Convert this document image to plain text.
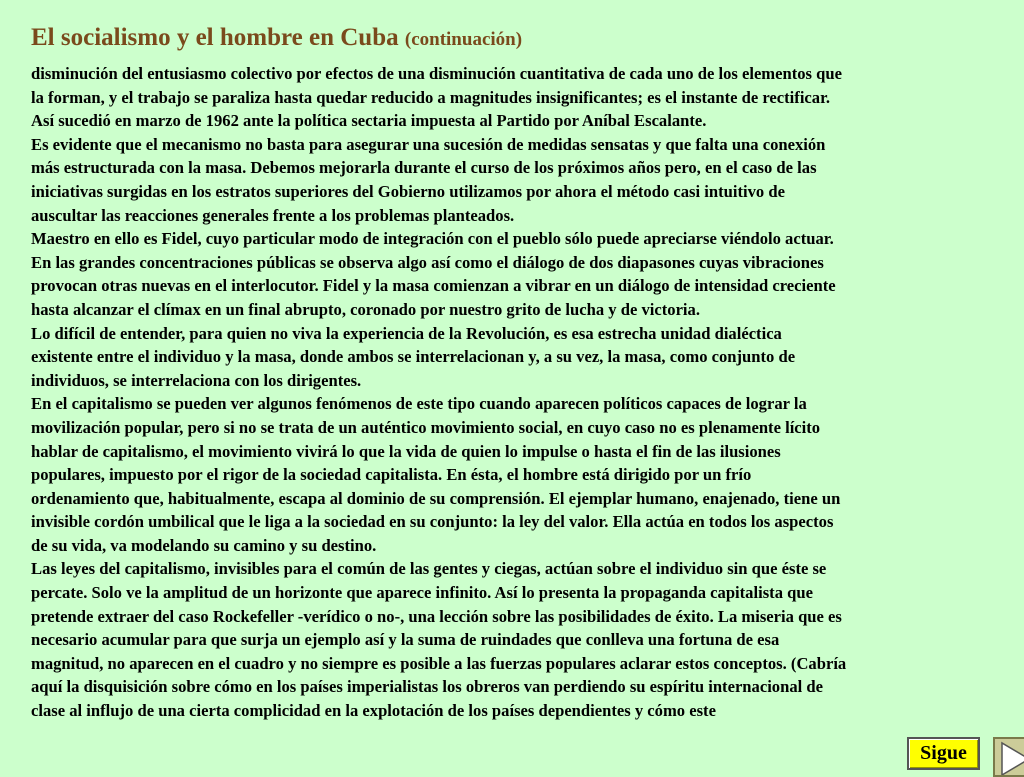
El socialismo y el hombre en Cuba (continuación)
disminución del entusiasmo colectivo por efectos de una disminución cuantitativa de cada uno de los elementos que
la forman, y el trabajo se paraliza hasta quedar reducido a magnitudes insignificantes; es el instante de rectificar.
Así sucedió en marzo de 1962 ante la política sectaria impuesta al Partido por Aníbal Escalante.
Es evidente que el mecanismo no basta para asegurar una sucesión de medidas sensatas y que falta una conexión
más estructurada con la masa. Debemos mejorarla durante el curso de los próximos años pero, en el caso de las
iniciativas surgidas en los estratos superiores del Gobierno utilizamos por ahora el método casi intuitivo de
auscultar las reacciones generales frente a los problemas planteados.
Maestro en ello es Fidel, cuyo particular modo de integración con el pueblo sólo puede apreciarse viéndolo actuar.
En las grandes concentraciones públicas se observa algo así como el diálogo de dos diapasones cuyas vibraciones
provocan otras nuevas en el interlocutor. Fidel y la masa comienzan a vibrar en un diálogo de intensidad creciente
hasta alcanzar el clímax en un final abrupto, coronado por nuestro grito de lucha y de victoria.
Lo difícil de entender, para quien no viva la experiencia de la Revolución, es esa estrecha unidad dialéctica
existente entre el individuo y la masa, donde ambos se interrelacionan y, a su vez, la masa, como conjunto de
individuos, se interrelaciona con los dirigentes.
En el capitalismo se pueden ver algunos fenómenos de este tipo cuando aparecen políticos capaces de lograr la
movilización popular, pero si no se trata de un auténtico movimiento social, en cuyo caso no es plenamente lícito
hablar de capitalismo, el movimiento vivirá lo que la vida de quien lo impulse o hasta el fin de las ilusiones
populares, impuesto por el rigor de la sociedad capitalista. En ésta, el hombre está dirigido por un frío
ordenamiento que, habitualmente, escapa al dominio de su comprensión. El ejemplar humano, enajenado, tiene un
invisible cordón umbilical que le liga a la sociedad en su conjunto: la ley del valor. Ella actúa en todos los aspectos
de su vida, va modelando su camino y su destino.
Las leyes del capitalismo, invisibles para el común de las gentes y ciegas, actúan sobre el individuo sin que éste se
percate. Solo ve la amplitud de un horizonte que aparece infinito. Así lo presenta la propaganda capitalista que
pretende extraer del caso Rockefeller -verídico o no-, una lección sobre las posibilidades de éxito. La miseria que es
necesario acumular para que surja un ejemplo así y la suma de ruindades que conlleva una fortuna de esa
magnitud, no aparecen en el cuadro y no siempre es posible a las fuerzas populares aclarar estos conceptos. (Cabría
aquí la disquisición sobre cómo en los países imperialistas los obreros van perdiendo su espíritu internacional de
clase al influjo de una cierta complicidad en la explotación de los países dependientes y cómo este
Sigue
